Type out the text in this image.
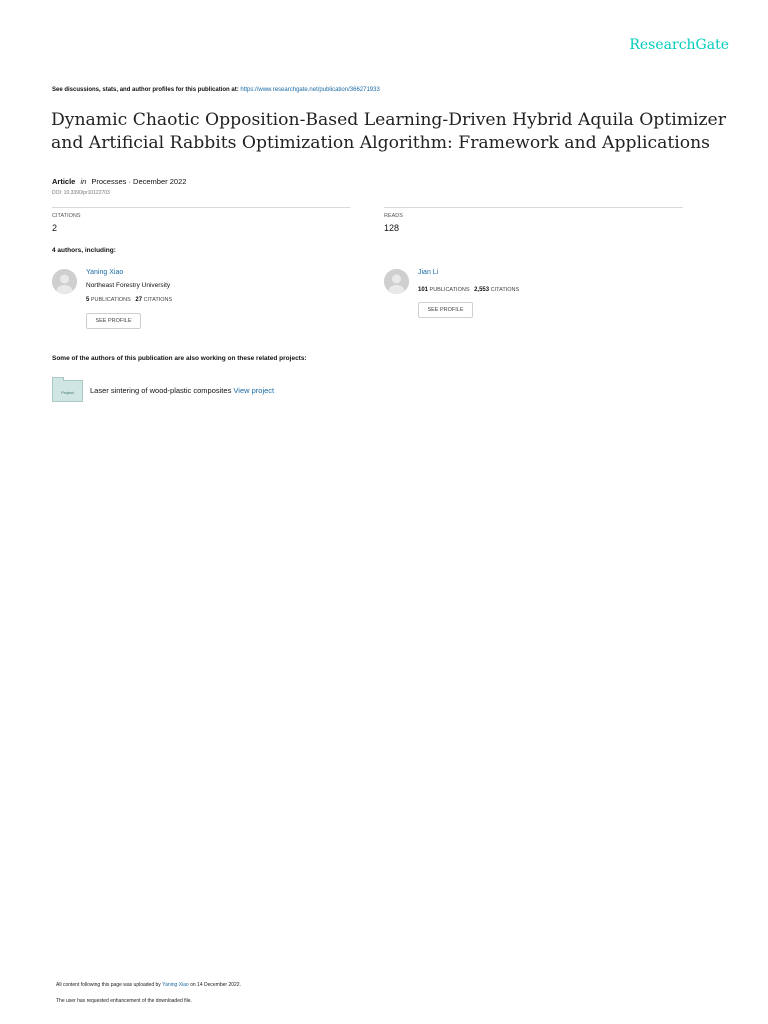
ResearchGate
See discussions, stats, and author profiles for this publication at: https://www.researchgate.net/publication/366271933
Dynamic Chaotic Opposition-Based Learning-Driven Hybrid Aquila Optimizer and Artificial Rabbits Optimization Algorithm: Framework and Applications
Article in Processes · December 2022
DOI: 10.3390/pr10122703
CITATIONS
2
READS
128
4 authors, including:
Yaning Xiao
Northeast Forestry University
5 PUBLICATIONS 27 CITATIONS
SEE PROFILE
Jian Li
101 PUBLICATIONS 2,553 CITATIONS
SEE PROFILE
Some of the authors of this publication are also working on these related projects:
Project	Laser sintering of wood-plastic composites View project
All content following this page was uploaded by Yaning Xiao on 14 December 2022.
The user has requested enhancement of the downloaded file.
